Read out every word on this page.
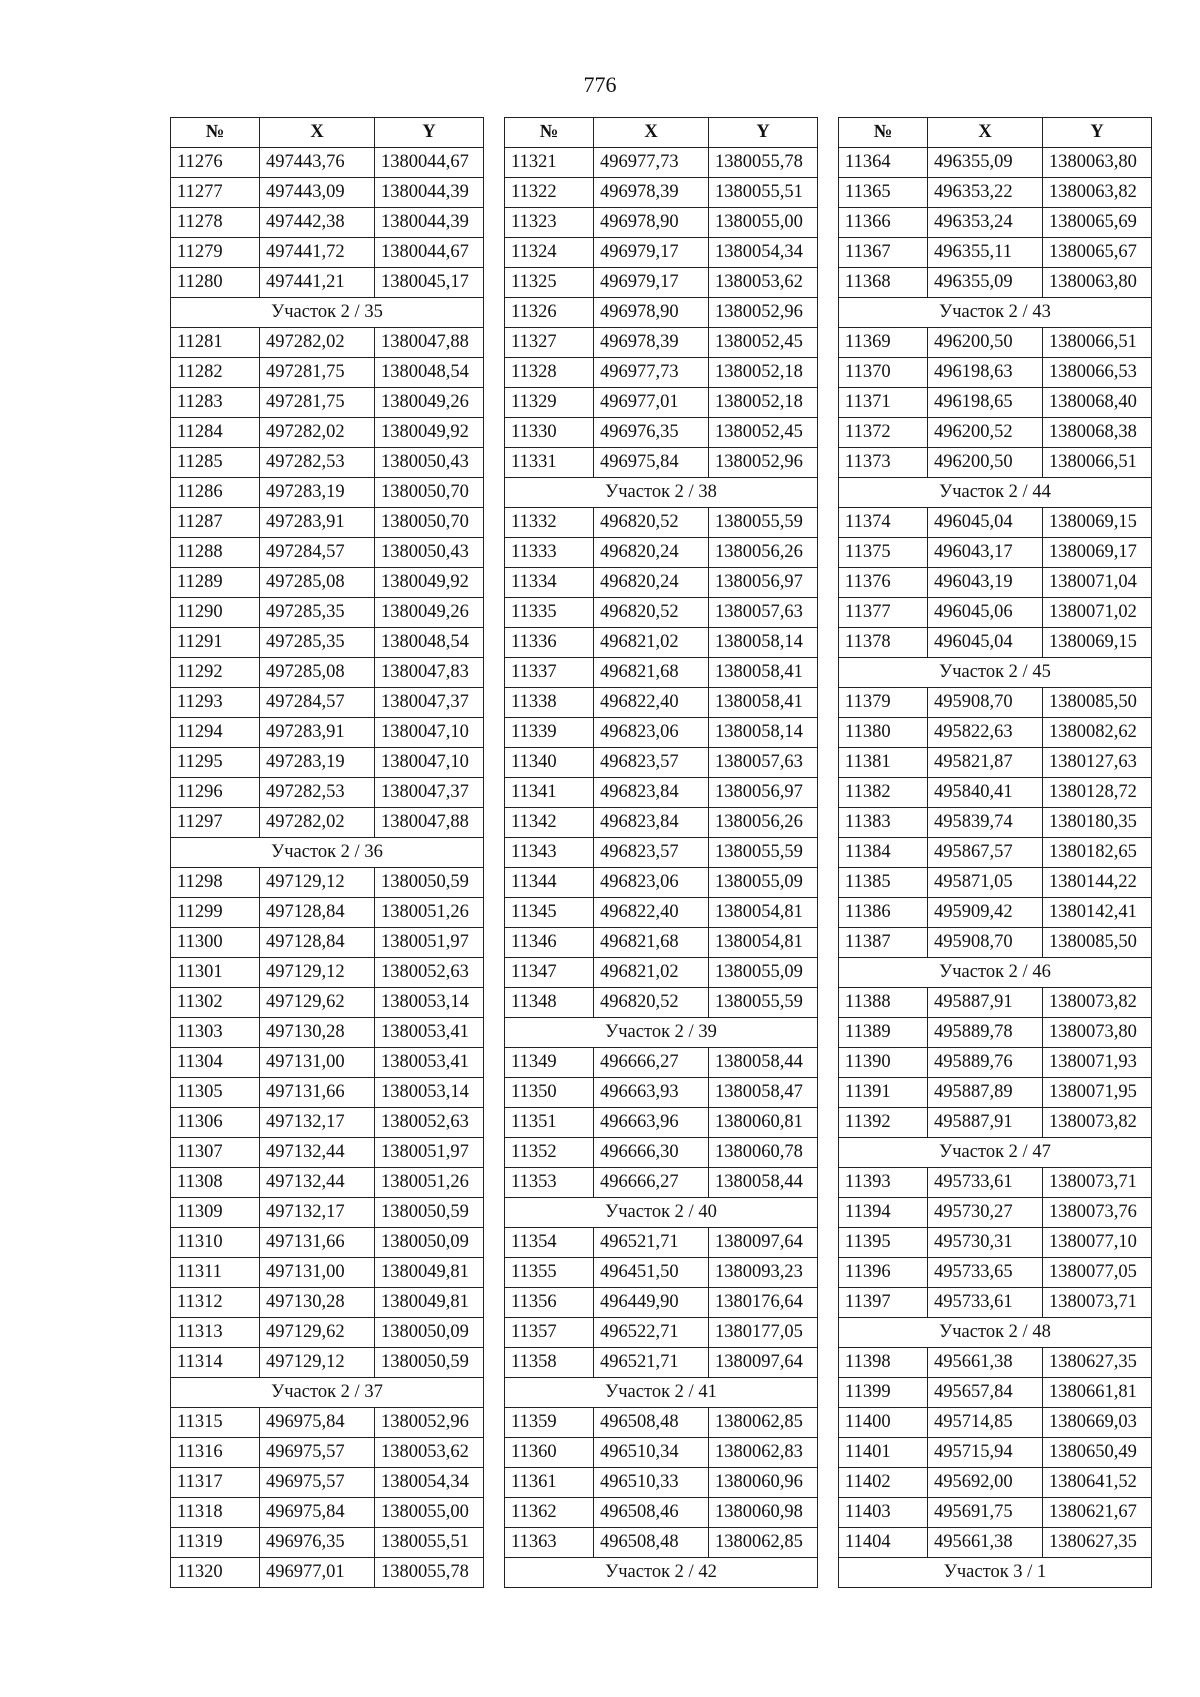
776
№	X	Y
11276	497443,76	1380044,67
11277	497443,09	1380044,39
11278	497442,38	1380044,39
11279	497441,72	1380044,67
11280	497441,21	1380045,17
Участок 2 / 35		
11281	497282,02	1380047,88
11282	497281,75	1380048,54
11283	497281,75	1380049,26
11284	497282,02	1380049,92
11285	497282,53	1380050,43
11286	497283,19	1380050,70
11287	497283,91	1380050,70
11288	497284,57	1380050,43
11289	497285,08	1380049,92
11290	497285,35	1380049,26
11291	497285,35	1380048,54
11292	497285,08	1380047,83
11293	497284,57	1380047,37
11294	497283,91	1380047,10
11295	497283,19	1380047,10
11296	497282,53	1380047,37
11297	497282,02	1380047,88
Участок 2 / 36		
11298	497129,12	1380050,59
11299	497128,84	1380051,26
11300	497128,84	1380051,97
11301	497129,12	1380052,63
11302	497129,62	1380053,14
11303	497130,28	1380053,41
11304	497131,00	1380053,41
11305	497131,66	1380053,14
11306	497132,17	1380052,63
11307	497132,44	1380051,97
11308	497132,44	1380051,26
11309	497132,17	1380050,59
11310	497131,66	1380050,09
11311	497131,00	1380049,81
11312	497130,28	1380049,81
11313	497129,62	1380050,09
11314	497129,12	1380050,59
Участок 2 / 37		
11315	496975,84	1380052,96
11316	496975,57	1380053,62
11317	496975,57	1380054,34
11318	496975,84	1380055,00
11319	496976,35	1380055,51
11320	496977,01	1380055,78
№	X	Y
11321	496977,73	1380055,78
11322	496978,39	1380055,51
11323	496978,90	1380055,00
11324	496979,17	1380054,34
11325	496979,17	1380053,62
11326	496978,90	1380052,96
11327	496978,39	1380052,45
11328	496977,73	1380052,18
11329	496977,01	1380052,18
11330	496976,35	1380052,45
11331	496975,84	1380052,96
Участок 2 / 38		
11332	496820,52	1380055,59
11333	496820,24	1380056,26
11334	496820,24	1380056,97
11335	496820,52	1380057,63
11336	496821,02	1380058,14
11337	496821,68	1380058,41
11338	496822,40	1380058,41
11339	496823,06	1380058,14
11340	496823,57	1380057,63
11341	496823,84	1380056,97
11342	496823,84	1380056,26
11343	496823,57	1380055,59
11344	496823,06	1380055,09
11345	496822,40	1380054,81
11346	496821,68	1380054,81
11347	496821,02	1380055,09
11348	496820,52	1380055,59
Участок 2 / 39		
11349	496666,27	1380058,44
11350	496663,93	1380058,47
11351	496663,96	1380060,81
11352	496666,30	1380060,78
11353	496666,27	1380058,44
Участок 2 / 40		
11354	496521,71	1380097,64
11355	496451,50	1380093,23
11356	496449,90	1380176,64
11357	496522,71	1380177,05
11358	496521,71	1380097,64
Участок 2 / 41		
11359	496508,48	1380062,85
11360	496510,34	1380062,83
11361	496510,33	1380060,96
11362	496508,46	1380060,98
11363	496508,48	1380062,85
Участок 2 / 42		
№	X	Y
11364	496355,09	1380063,80
11365	496353,22	1380063,82
11366	496353,24	1380065,69
11367	496355,11	1380065,67
11368	496355,09	1380063,80
Участок 2 / 43		
11369	496200,50	1380066,51
11370	496198,63	1380066,53
11371	496198,65	1380068,40
11372	496200,52	1380068,38
11373	496200,50	1380066,51
Участок 2 / 44		
11374	496045,04	1380069,15
11375	496043,17	1380069,17
11376	496043,19	1380071,04
11377	496045,06	1380071,02
11378	496045,04	1380069,15
Участок 2 / 45		
11379	495908,70	1380085,50
11380	495822,63	1380082,62
11381	495821,87	1380127,63
11382	495840,41	1380128,72
11383	495839,74	1380180,35
11384	495867,57	1380182,65
11385	495871,05	1380144,22
11386	495909,42	1380142,41
11387	495908,70	1380085,50
Участок 2 / 46		
11388	495887,91	1380073,82
11389	495889,78	1380073,80
11390	495889,76	1380071,93
11391	495887,89	1380071,95
11392	495887,91	1380073,82
Участок 2 / 47		
11393	495733,61	1380073,71
11394	495730,27	1380073,76
11395	495730,31	1380077,10
11396	495733,65	1380077,05
11397	495733,61	1380073,71
Участок 2 / 48		
11398	495661,38	1380627,35
11399	495657,84	1380661,81
11400	495714,85	1380669,03
11401	495715,94	1380650,49
11402	495692,00	1380641,52
11403	495691,75	1380621,67
11404	495661,38	1380627,35
Участок 3 / 1		
